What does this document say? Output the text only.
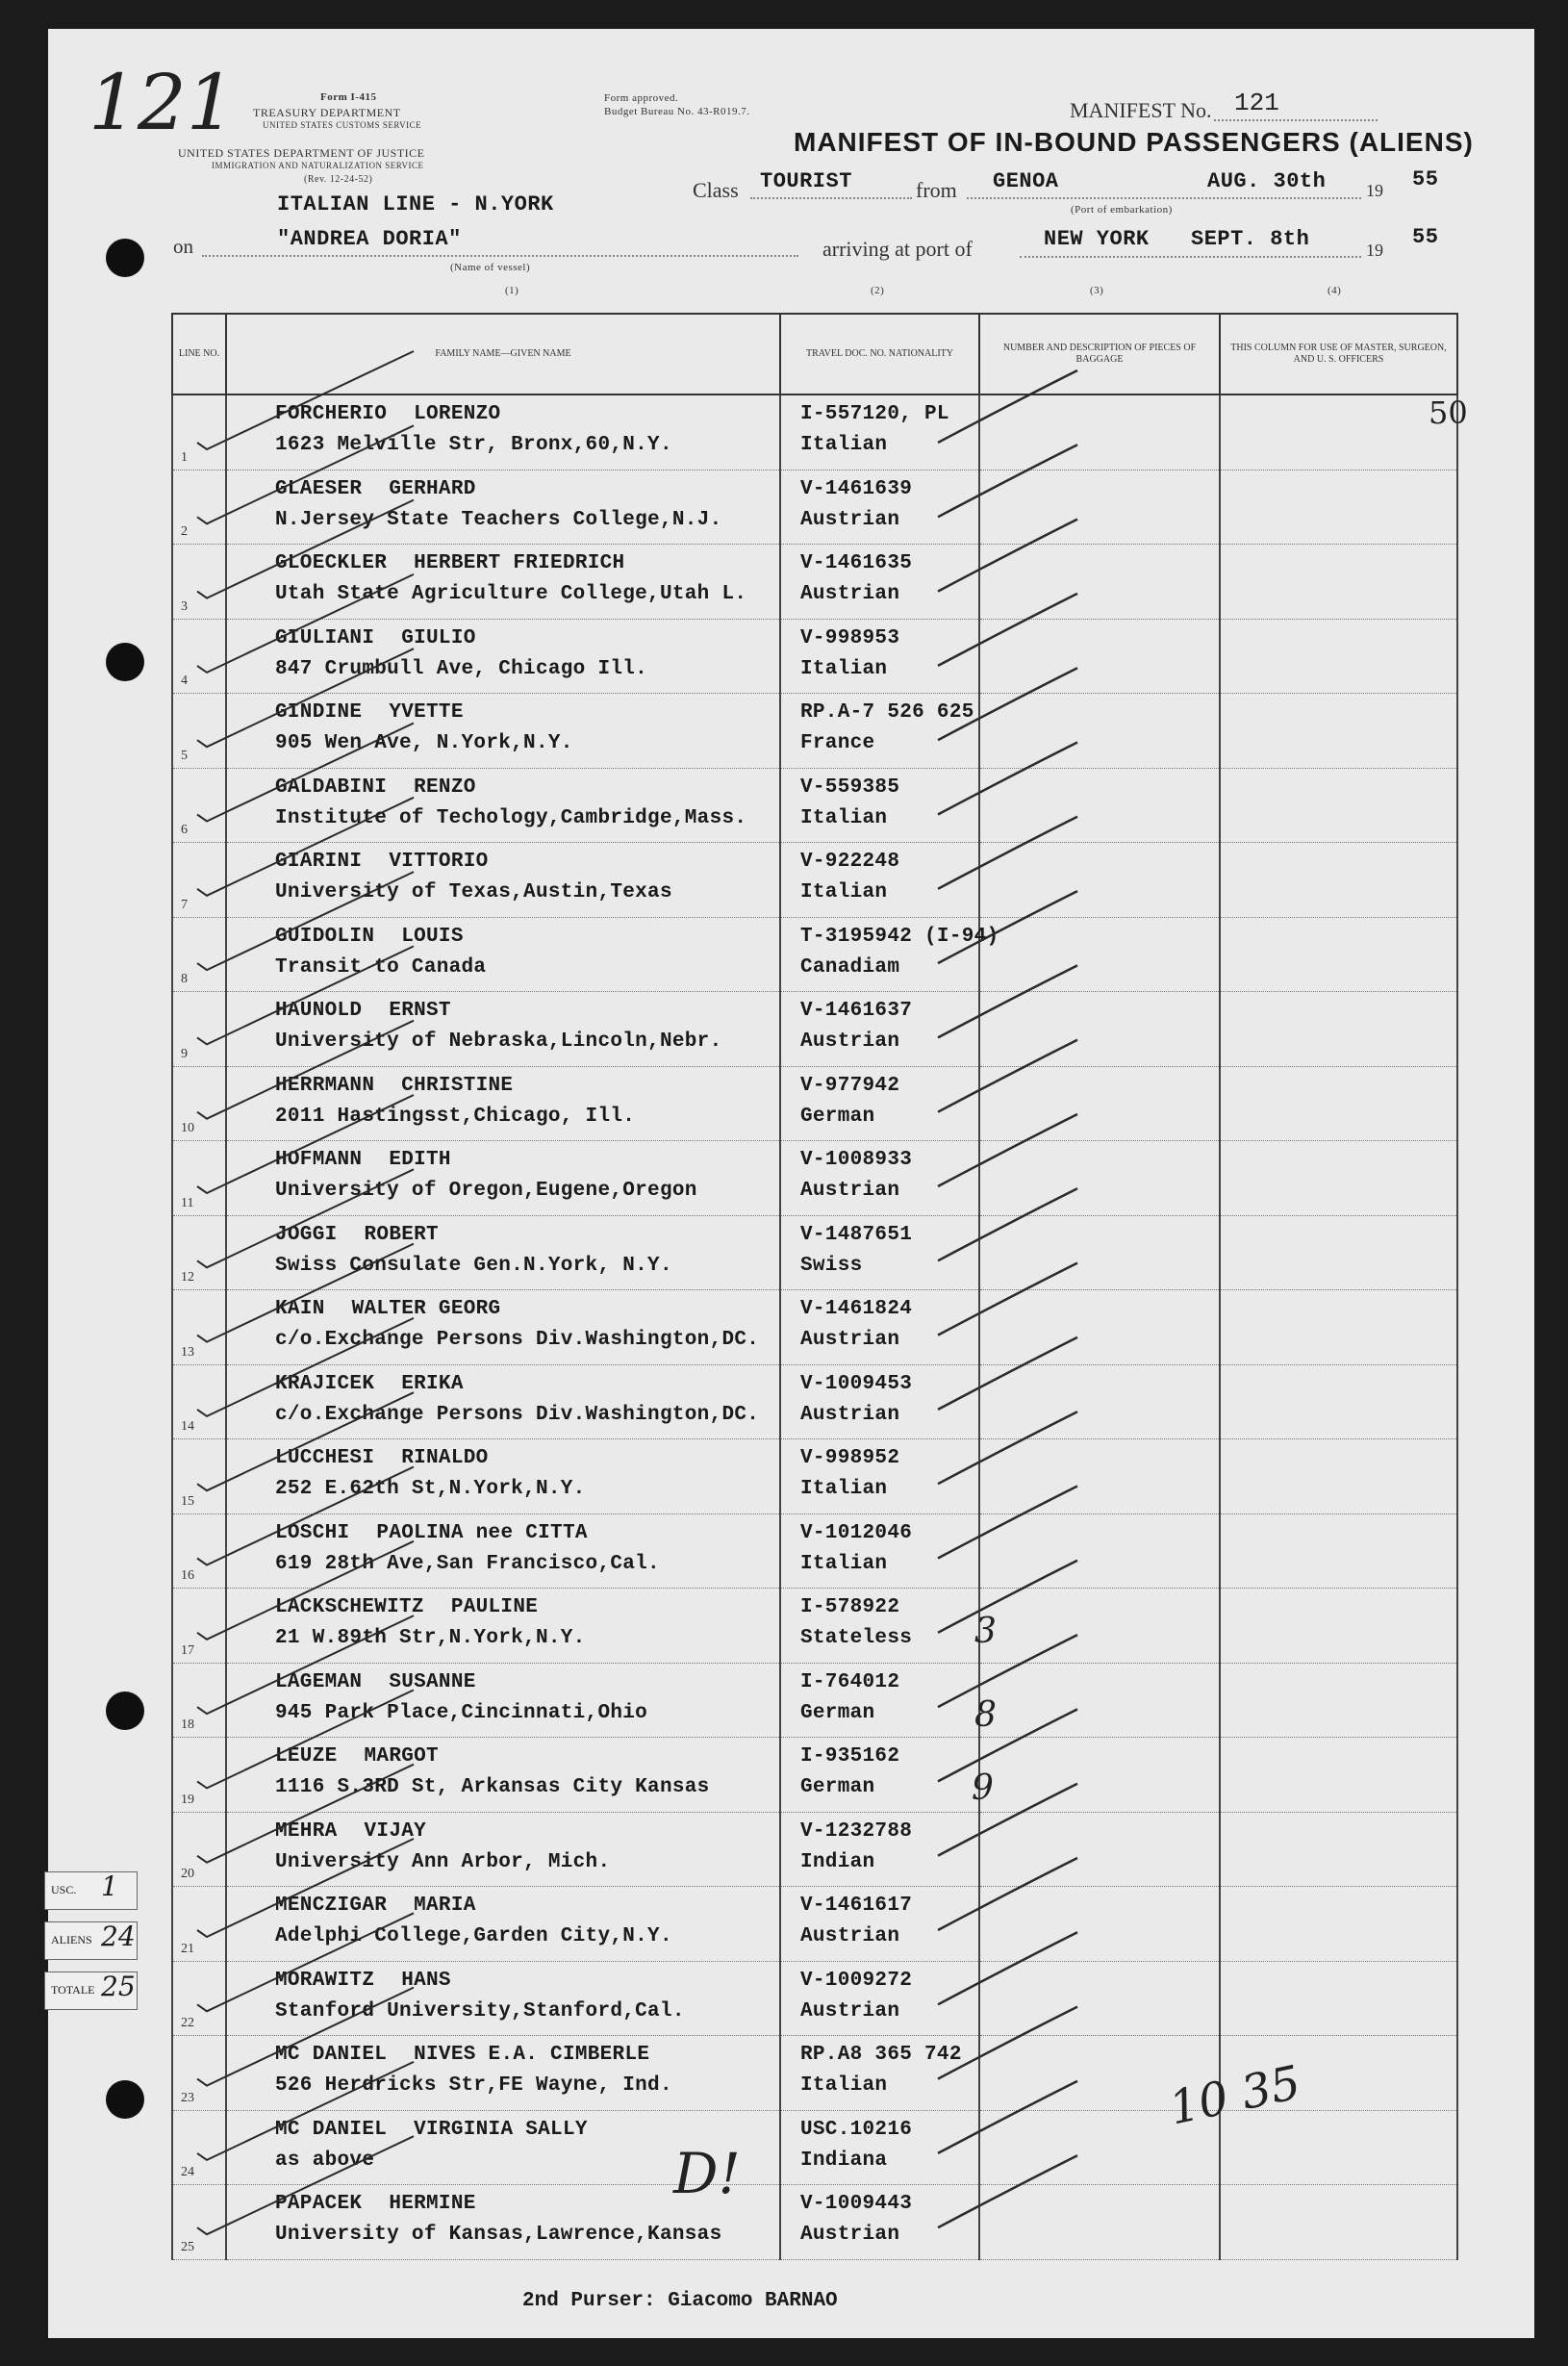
Form I-415
TREASURY DEPARTMENT
UNITED STATES CUSTOMS SERVICE
UNITED STATES DEPARTMENT OF JUSTICE
IMMIGRATION AND NATURALIZATION SERVICE
(Rev. 12-24-52)
Form approved.
Budget Bureau No. 43-R019.7.	MANIFEST No. 121
MANIFEST OF IN-BOUND PASSENGERS (ALIENS)
ITALIAN LINE - N.YORK
"ANDREA DORIA"
on
(Name of vessel)
Class TOURIST	from GENOA	AUG. 30th
(Port of embarkation)
19 55
arriving at port of	NEW YORK SEPT. 8th	19
55
(1)	(2)	(3)	(4)
LINE NO.	FAMILY NAME—GIVEN NAME	TRAVEL DOC. NO. NATIONALITY	NUMBER AND DESCRIPTION OF PIECES OF BAGGAGE	THIS COLUMN FOR USE OF MASTER, SURGEON, AND U. S. OFFICERS

1	FORCHERIO LORENZO
1623 Melville Str, Bronx,60,N.Y.	I-557120, PL
Italian		

2	GLAESER GERHARD
N.Jersey State Teachers College,N.J.	V-1461639
Austrian		

3	GLOECKLER HERBERT FRIEDRICH
Utah State Agriculture College,Utah L.	V-1461635
Austrian		

4	GIULIANI GIULIO
847 Crumbull Ave, Chicago Ill.	V-998953
Italian		

5	GINDINE YVETTE
905 Wen Ave, N.York,N.Y.	RP.A-7 526 625
France		

6	GALDABINI RENZO
Institute of Techology,Cambridge,Mass.	V-559385
Italian		

7	GIARINI VITTORIO
University of Texas,Austin,Texas	V-922248
Italian		

8	GUIDOLIN LOUIS
Transit to Canada	T-3195942 (I-94)
Canadiam		

9	HAUNOLD ERNST
University of Nebraska,Lincoln,Nebr.	V-1461637
Austrian		

10	HERRMANN CHRISTINE
2011 Hastingsst,Chicago, Ill.	V-977942
German		

11	HOFMANN EDITH
University of Oregon,Eugene,Oregon	V-1008933
Austrian		

12	JOGGI ROBERT
Swiss Consulate Gen.N.York, N.Y.	V-1487651
Swiss		

13	KAIN WALTER GEORG
c/o.Exchange Persons Div.Washington,DC.	V-1461824
Austrian		

14	KRAJICEK ERIKA
c/o.Exchange Persons Div.Washington,DC.	V-1009453
Austrian		

15	LUCCHESI RINALDO
252 E.62th St,N.York,N.Y.	V-998952
Italian		

16	LOSCHI PAOLINA nee CITTA
619 28th Ave,San Francisco,Cal.	V-1012046
Italian		

17	LACKSCHEWITZ PAULINE
21 W.89th Str,N.York,N.Y.	I-578922
Stateless		

18	LAGEMAN SUSANNE
945 Park Place,Cincinnati,Ohio	I-764012
German		

19	LEUZE MARGOT
1116 S.3RD St, Arkansas City Kansas	I-935162
German		

20	MEHRA VIJAY
University Ann Arbor, Mich.	V-1232788
Indian		

21	MENCZIGAR MARIA
Adelphi College,Garden City,N.Y.	V-1461617
Austrian		

22	MORAWITZ HANS
Stanford University,Stanford,Cal.	V-1009272
Austrian		

23	MC DANIEL NIVES E.A. CIMBERLE
526 Herdricks Str,FE Wayne, Ind.	RP.A8 365 742
Italian		

24	MC DANIEL VIRGINIA SALLY
as above	USC.10216
Indiana		

25	PAPACEK HERMINE
University of Kansas,Lawrence,Kansas	V-1009443
Austrian		

121
50
3
8
9
D!
10 35
USC. 1
ALIENS 24
TOTALE 25
2nd Purser: Giacomo BARNAO
